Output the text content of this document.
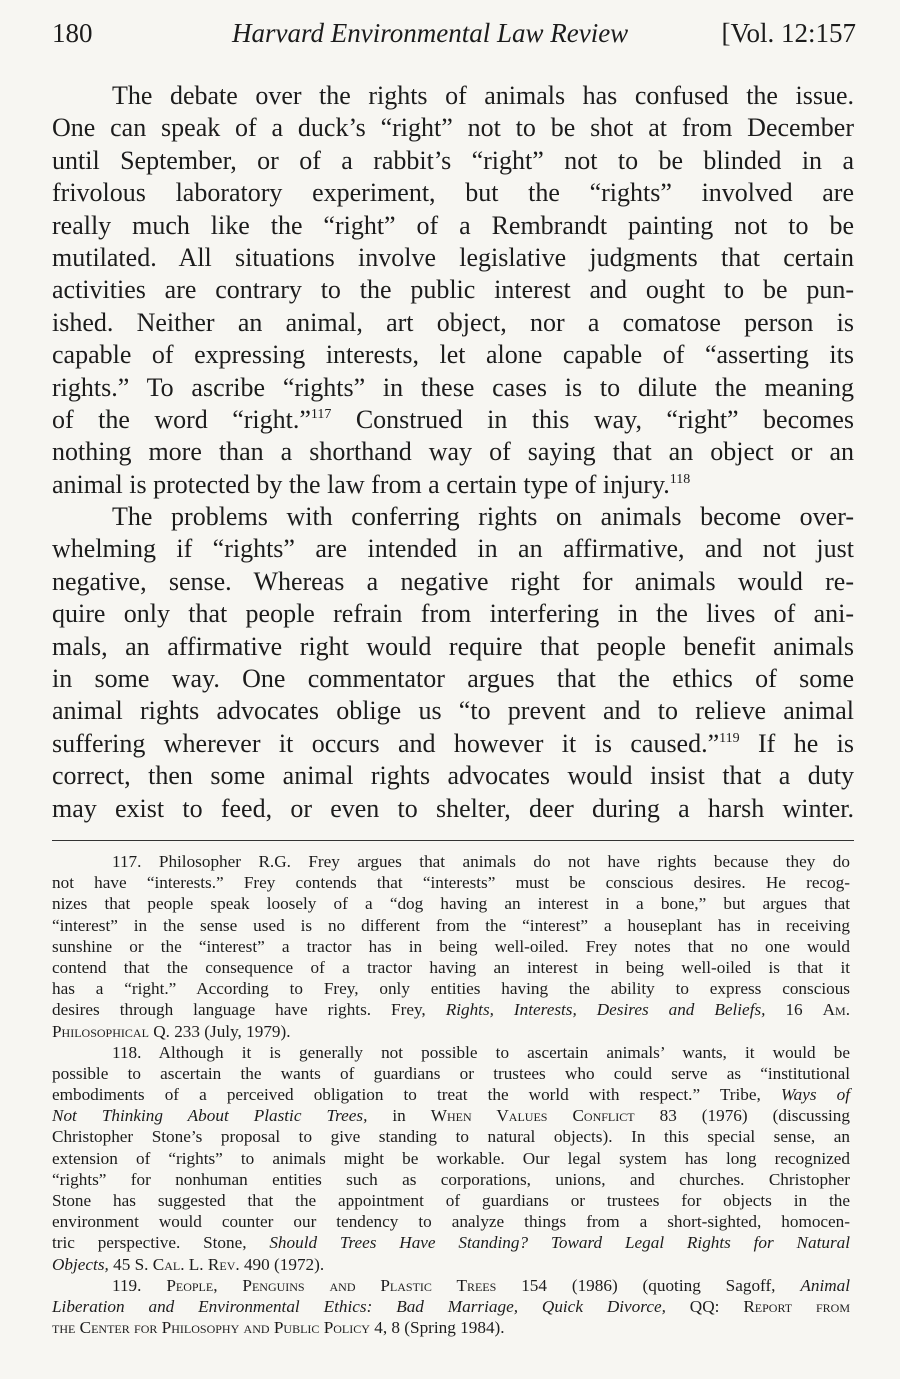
180	Harvard Environmental Law Review	[Vol. 12:157
The debate over the rights of animals has confused the issue.
One can speak of a duck’s “right” not to be shot at from December
until September, or of a rabbit’s “right” not to be blinded in a
frivolous laboratory experiment, but the “rights” involved are
really much like the “right” of a Rembrandt painting not to be
mutilated. All situations involve legislative judgments that certain
activities are contrary to the public interest and ought to be pun-
ished. Neither an animal, art object, nor a comatose person is
capable of expressing interests, let alone capable of “asserting its
rights.” To ascribe “rights” in these cases is to dilute the meaning
of the word “right.”$^{117}$ Construed in this way, “right” becomes
nothing more than a shorthand way of saying that an object or an
animal is protected by the law from a certain type of injury.$^{118}$
The problems with conferring rights on animals become over-
whelming if “rights” are intended in an affirmative, and not just
negative, sense. Whereas a negative right for animals would re-
quire only that people refrain from interfering in the lives of ani-
mals, an affirmative right would require that people benefit animals
in some way. One commentator argues that the ethics of some
animal rights advocates oblige us “to prevent and to relieve animal
suffering wherever it occurs and however it is caused.”$^{119}$ If he is
correct, then some animal rights advocates would insist that a duty
may exist to feed, or even to shelter, deer during a harsh winter.
117. Philosopher R.G. Frey argues that animals do not have rights because they do
not have “interests.” Frey contends that “interests” must be conscious desires. He recog-
nizes that people speak loosely of a “dog having an interest in a bone,” but argues that
“interest” in the sense used is no different from the “interest” a houseplant has in receiving
sunshine or the “interest” a tractor has in being well-oiled. Frey notes that no one would
contend that the consequence of a tractor having an interest in being well-oiled is that it
has a “right.” According to Frey, only entities having the ability to express conscious
desires through language have rights. Frey, Rights, Interests, Desires and Beliefs, 16 Am.
Philosophical Q. 233 (July, 1979).
118. Although it is generally not possible to ascertain animals’ wants, it would be
possible to ascertain the wants of guardians or trustees who could serve as “institutional
embodiments of a perceived obligation to treat the world with respect.” Tribe, Ways of
Not Thinking About Plastic Trees, in When Values Conflict 83 (1976) (discussing
Christopher Stone’s proposal to give standing to natural objects). In this special sense, an
extension of “rights” to animals might be workable. Our legal system has long recognized
“rights” for nonhuman entities such as corporations, unions, and churches. Christopher
Stone has suggested that the appointment of guardians or trustees for objects in the
environment would counter our tendency to analyze things from a short-sighted, homocen-
tric perspective. Stone, Should Trees Have Standing? Toward Legal Rights for Natural
Objects, 45 S. Cal. L. Rev. 490 (1972).
119. People, Penguins and Plastic Trees 154 (1986) (quoting Sagoff, Animal
Liberation and Environmental Ethics: Bad Marriage, Quick Divorce, QQ: Report from
the Center for Philosophy and Public Policy 4, 8 (Spring 1984).
